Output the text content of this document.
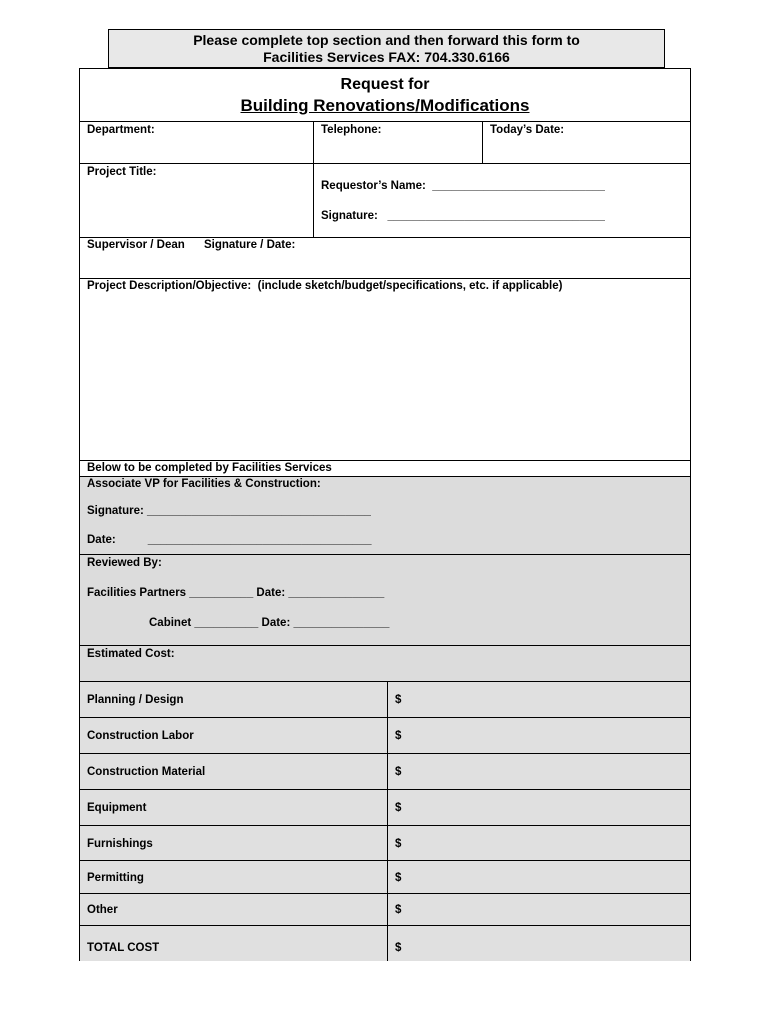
Please complete top section and then forward this form to
Facilities Services FAX: 704.330.6166
Request for
Building Renovations/Modifications
Department:	Telephone:	Today’s Date:
Project Title:
Requestor’s Name:  ___________________________
Signature:   __________________________________
Supervisor / Dean      Signature / Date:
Project Description/Objective:  (include sketch/budget/specifications, etc. if applicable)
Below to be completed by Facilities Services
Associate VP for Facilities & Construction:
Signature: ___________________________________
Date:          ___________________________________
Reviewed By:
Facilities Partners __________ Date: _______________
Cabinet __________ Date: _______________
Estimated Cost:
Planning / Design	$
Construction Labor	$
Construction Material	$
Equipment	$
Furnishings	$
Permitting	$
Other	$
TOTAL COST	$
